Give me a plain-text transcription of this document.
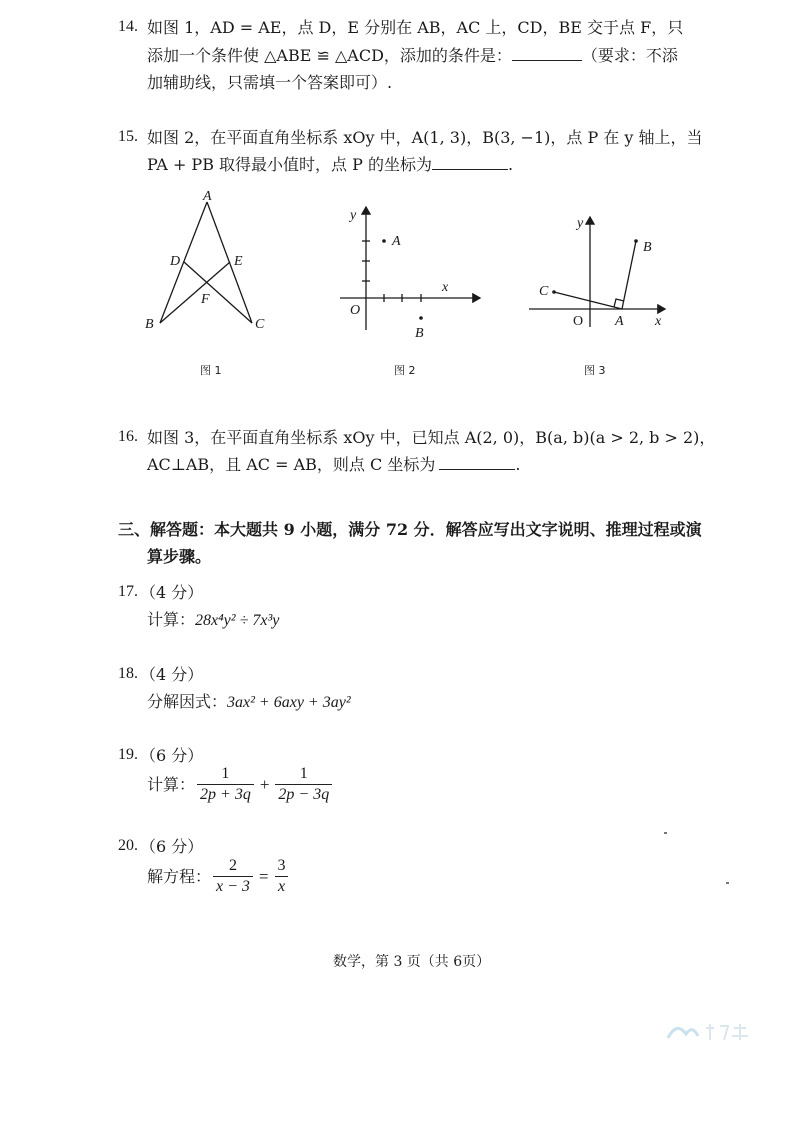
14. 如图 1，AD = AE，点 D，E 分别在 AB，AC 上，CD，BE 交于点 F，只
添加一个条件使 △ABE ≌ △ACD，添加的条件是：	（要求：不添
加辅助线，只需填一个答案即可）.
15. 如图 2，在平面直角坐标系 xOy 中，A(1, 3)，B(3, −1)，点 P 在 y 轴上，当
PA + PB 取得最小值时，点 P 的坐标为	.
A
B	C
D	E
F
y
x
O
A
B
y
x
O A
B
C
图 1	图 2	图 3
16. 如图 3，在平面直角坐标系 xOy 中，已知点 A(2, 0)，B(a, b)(a > 2, b > 2)，
AC⊥AB，且 AC = AB，则点 C 坐标为	.
三、解答题：本大题共 9 小题，满分 72 分．解答应写出文字说明、推理过程或演
算步骤。
17. （4 分）
计算：28x⁴y² ÷ 7x³y
18. （4 分）
分解因式：3ax² + 6axy + 3ay²
19. （6 分）
计算： $\frac{1}{2p + 3q} + \frac{1}{2p - 3q}$
20. （6 分）
解方程： $\frac{2}{x - 3} = \frac{3}{x}$
数学，第 3 页（共 6页）
